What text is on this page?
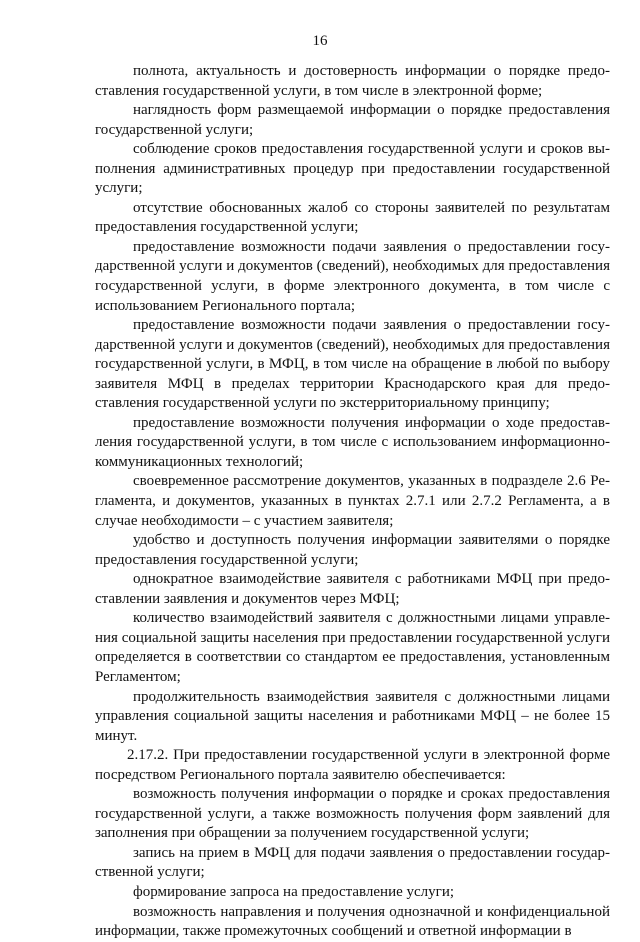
16

полнота, актуальность и достоверность информации о порядке предоставления государственной услуги, в том числе в электронной форме;

наглядность форм размещаемой информации о порядке предоставления государственной услуги;

соблюдение сроков предоставления государственной услуги и сроков выполнения административных процедур при предоставлении государственной услуги;

отсутствие обоснованных жалоб со стороны заявителей по результатам предоставления государственной услуги;

предоставление возможности подачи заявления о предоставлении государственной услуги и документов (сведений), необходимых для предоставления государственной услуги, в форме электронного документа, в том числе с использованием Регионального портала;

предоставление возможности подачи заявления о предоставлении государственной услуги и документов (сведений), необходимых для предоставления государственной услуги, в МФЦ, в том числе на обращение в любой по выбору заявителя МФЦ в пределах территории Краснодарского края для предоставления государственной услуги по экстерриториальному принципу;

предоставление возможности получения информации о ходе предоставления государственной услуги, в том числе с использованием информационно-коммуникационных технологий;

своевременное рассмотрение документов, указанных в подразделе 2.6 Регламента, и документов, указанных в пунктах 2.7.1 или 2.7.2 Регламента, а в случае необходимости – с участием заявителя;

удобство и доступность получения информации заявителями о порядке предоставления государственной услуги;

однократное взаимодействие заявителя с работниками МФЦ при предоставлении заявления и документов через МФЦ;

количество взаимодействий заявителя с должностными лицами управления социальной защиты населения при предоставлении государственной услуги определяется в соответствии со стандартом ее предоставления, установленным Регламентом;

продолжительность взаимодействия заявителя с должностными лицами управления социальной защиты населения и работниками МФЦ – не более 15 минут.

2.17.2. При предоставлении государственной услуги в электронной форме посредством Регионального портала заявителю обеспечивается:

возможность получения информации о порядке и сроках предоставления государственной услуги, а также возможность получения форм заявлений для заполнения при обращении за получением государственной услуги;

запись на прием в МФЦ для подачи заявления о предоставлении государственной услуги;

формирование запроса на предоставление услуги;

возможность направления и получения однозначной и конфиденциальной информации, также промежуточных сообщений и ответной информации в
